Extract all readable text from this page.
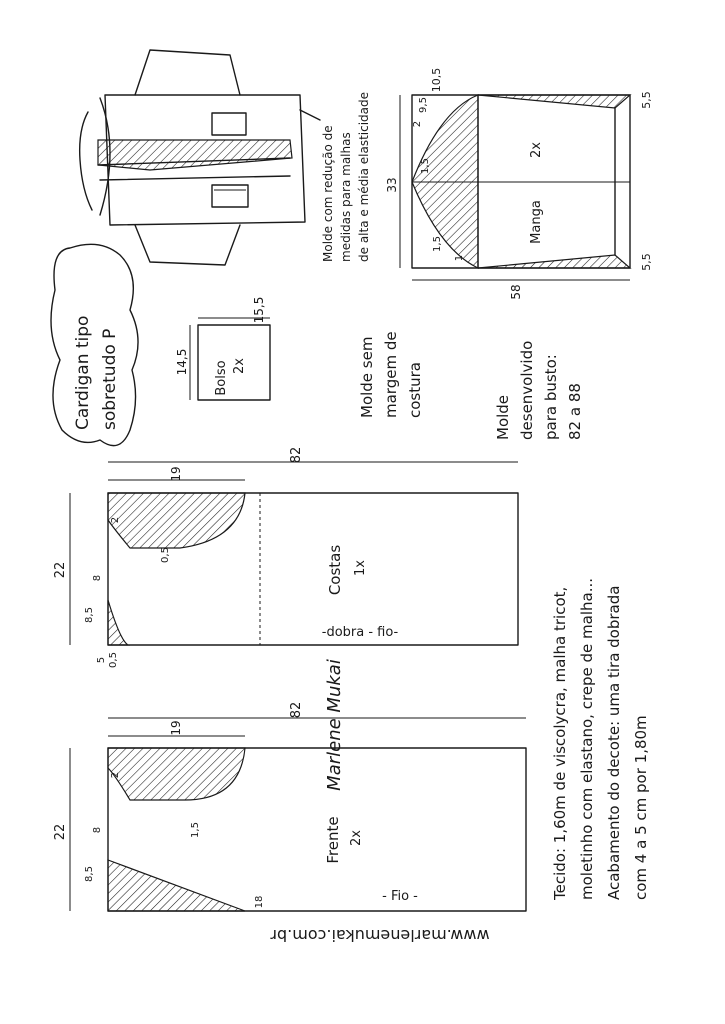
Cardigan tipo sobretudo P	Bolso 2x
14,5
15,5
Molde sem margem de costura	Molde desenvolvido para busto: 82 a 88
Molde com redução de medidas para malhas de alta e média elasticidade	2x
Manga
33
10,5
9,5
2
1,5
1
1,5
5,5
5,5
58
Costas 1x
-dobra - fio-
82
19
22
2
8
8,5
0,5
5 0,5	Marlene Mukai
Frente 2x
- Fio -
82
19
22
2
8
8,5
1,5
18
www.marlenemukai.com.br
Tecido: 1,60m de viscolycra, malha tricot, moletinho com elastano, crepe de malha... Acabamento do decote: uma tira dobrada com 4 a 5 cm por 1,80m
